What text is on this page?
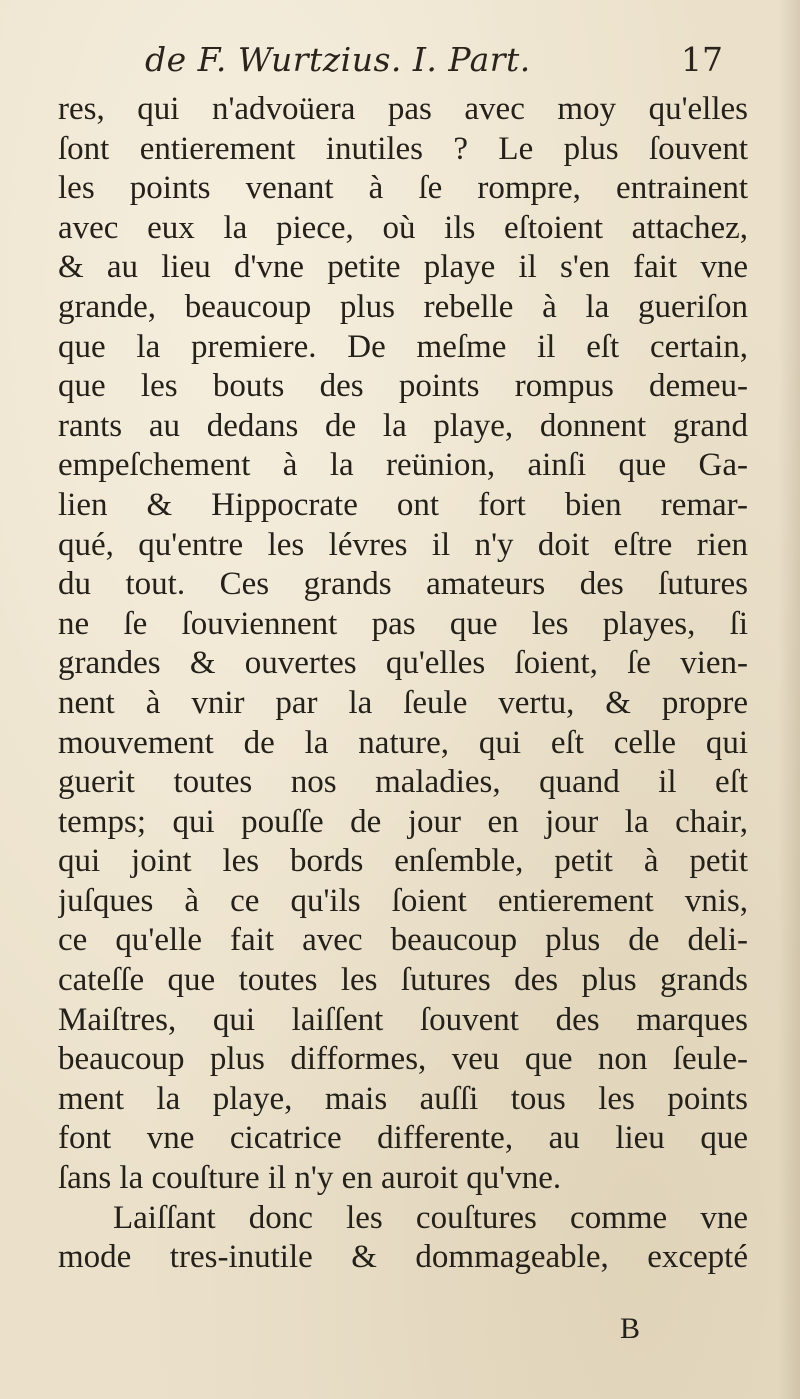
de F. Wurtzius. I. Part.	17
res, qui n'advoüera pas avec moy qu'elles
ſont entierement inutiles ? Le plus ſouvent
les points venant à ſe rompre, entrainent
avec eux la piece, où ils eſtoient attachez,
& au lieu d'vne petite playe il s'en fait vne
grande, beaucoup plus rebelle à la gueriſon
que la premiere. De meſme il eſt certain,
que les bouts des points rompus demeu-
rants au dedans de la playe, donnent grand
empeſchement à la reünion, ainſi que Ga-
lien & Hippocrate ont fort bien remar-
qué, qu'entre les lévres il n'y doit eſtre rien
du tout. Ces grands amateurs des ſutures
ne ſe ſouviennent pas que les playes, ſi
grandes & ouvertes qu'elles ſoient, ſe vien-
nent à vnir par la ſeule vertu, & propre
mouvement de la nature, qui eſt celle qui
guerit toutes nos maladies, quand il eſt
temps; qui pouſſe de jour en jour la chair,
qui joint les bords enſemble, petit à petit
juſques à ce qu'ils ſoient entierement vnis,
ce qu'elle fait avec beaucoup plus de deli-
cateſſe que toutes les ſutures des plus grands
Maiſtres, qui laiſſent ſouvent des marques
beaucoup plus difformes, veu que non ſeule-
ment la playe, mais auſſi tous les points
font vne cicatrice differente, au lieu que
ſans la couſture il n'y en auroit qu'vne.
Laiſſant donc les couſtures comme vne
mode tres-inutile & dommageable, excepté
B
